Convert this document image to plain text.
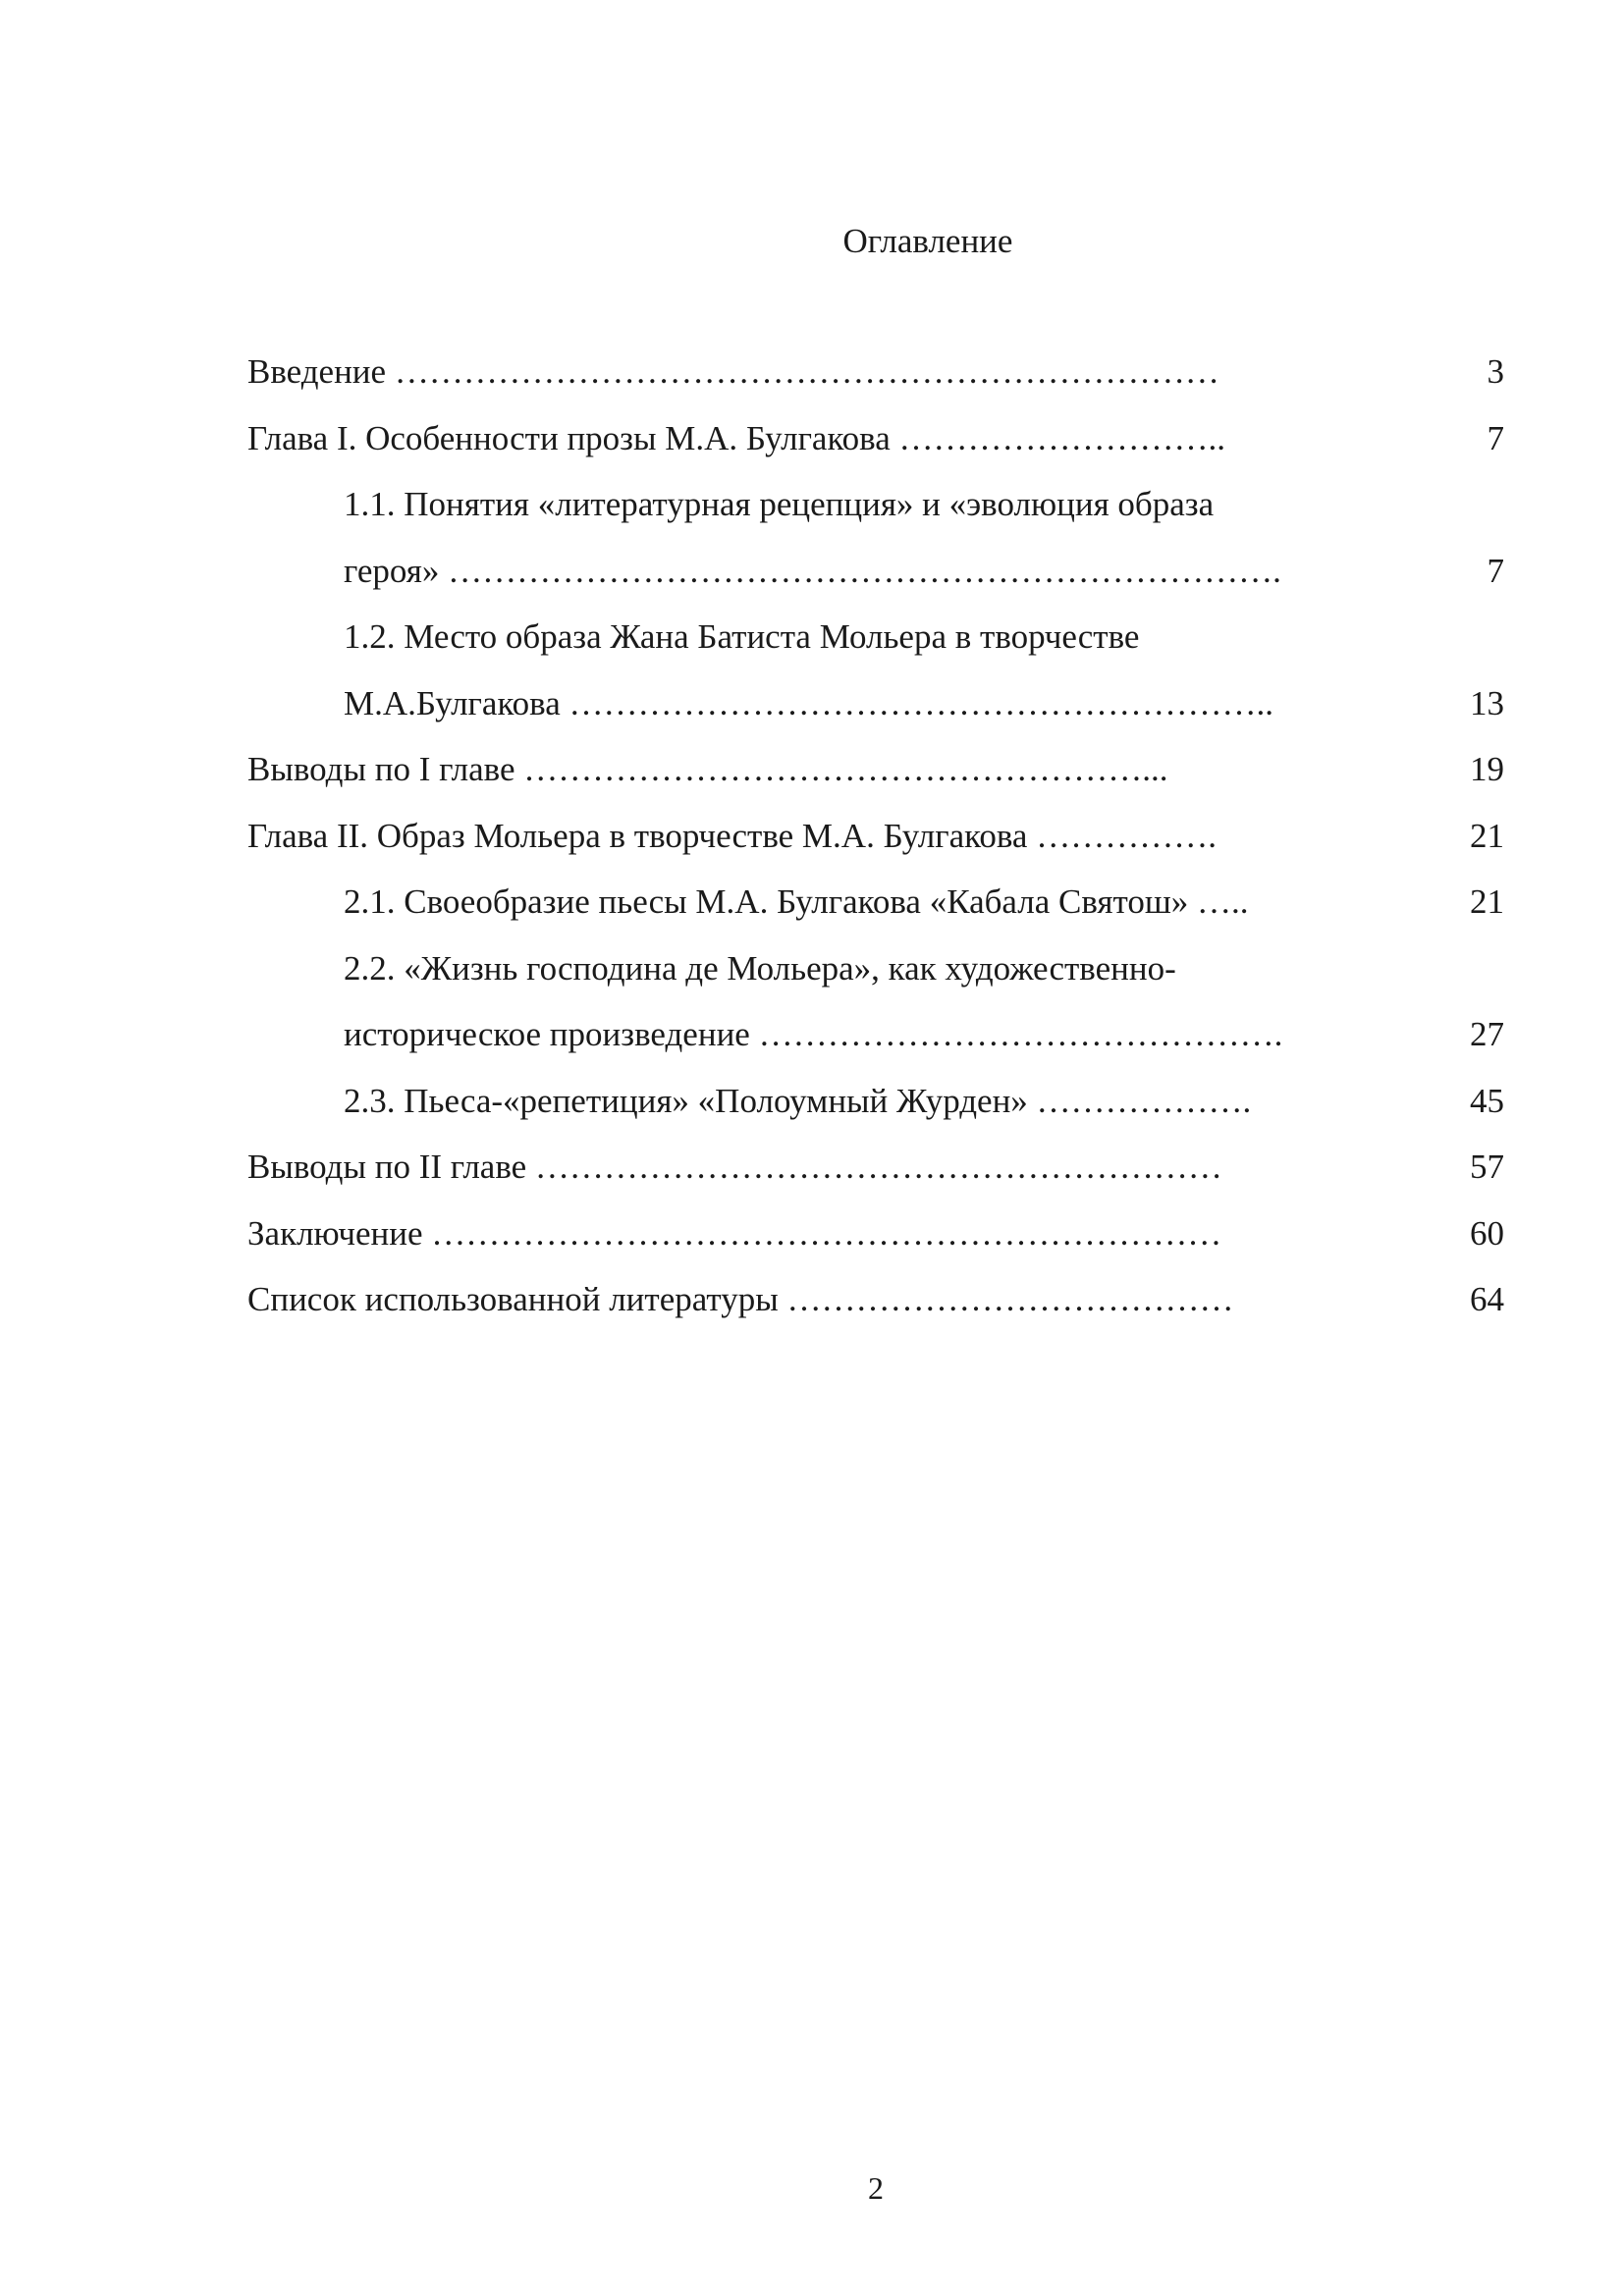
Оглавление
Введение ………………………………………………………………	3
Глава I. Особенности прозы М.А. Булгакова ………………………..	7
1.1. Понятия «литературная рецепция» и «эволюция образа
героя» ……………………………………………………………….	7
1.2. Место образа Жана Батиста Мольера в творчестве
М.А.Булгакова ……………………………………………………..	13
Выводы по I главе ………………………………………………...	19
Глава II. Образ Мольера в творчестве М.А. Булгакова …………….	21
2.1. Своеобразие пьесы М.А. Булгакова «Кабала Святош» …..	21
2.2. «Жизнь господина де Мольера», как художественно-
историческое произведение ……………………………………….	27
2.3. Пьеса-«репетиция» «Полоумный Журден» ……………….	45
Выводы по II главе ……………………………………………………	57
Заключение ……………………………………………………………	60
Список использованной литературы …………………………………	64
2
